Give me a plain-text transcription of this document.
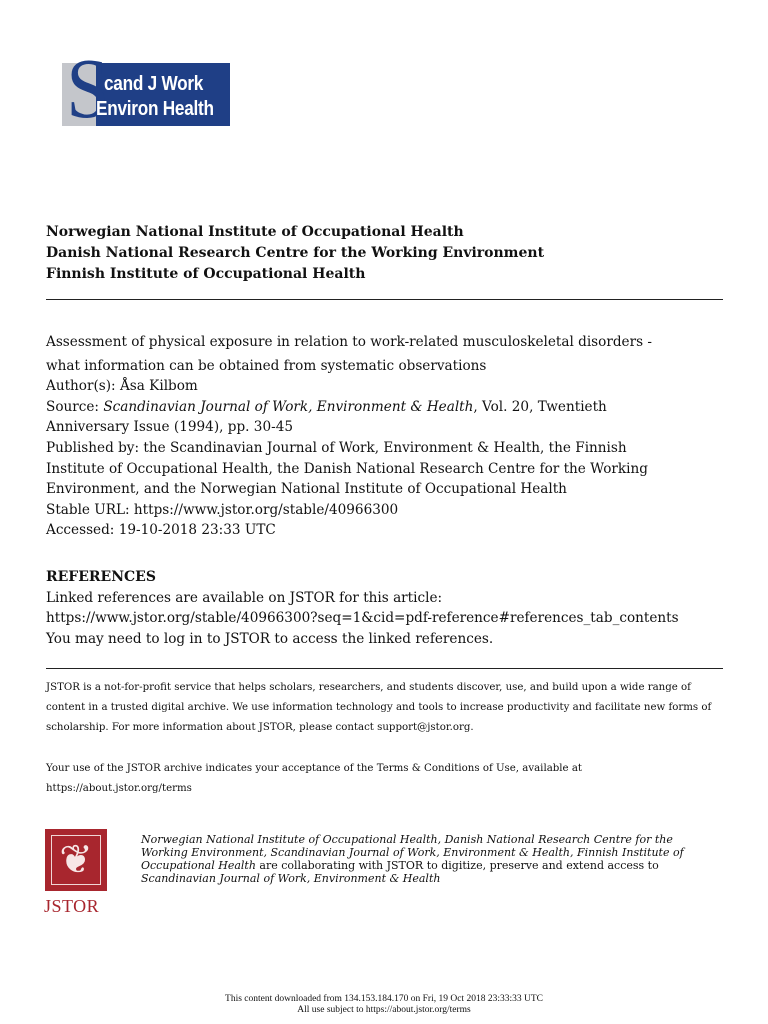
S
cand J Work
Environ Health
Norwegian National Institute of Occupational Health
Danish National Research Centre for the Working Environment
Finnish Institute of Occupational Health
Assessment of physical exposure in relation to work-related musculoskeletal disorders -
what information can be obtained from systematic observations
Author(s): Åsa Kilbom
Source: Scandinavian Journal of Work, Environment & Health, Vol. 20, Twentieth
Anniversary Issue (1994), pp. 30-45
Published by: the Scandinavian Journal of Work, Environment & Health, the Finnish
Institute of Occupational Health, the Danish National Research Centre for the Working
Environment, and the Norwegian National Institute of Occupational Health
Stable URL: https://www.jstor.org/stable/40966300
Accessed: 19-10-2018 23:33 UTC
REFERENCES
Linked references are available on JSTOR for this article:
https://www.jstor.org/stable/40966300?seq=1&cid=pdf-reference#references_tab_contents
You may need to log in to JSTOR to access the linked references.

JSTOR is a not-for-profit service that helps scholars, researchers, and students discover, use, and build upon a wide range of content in a trusted digital archive. We use information technology and tools to increase productivity and facilitate new forms of scholarship. For more information about JSTOR, please contact support@jstor.org.

Your use of the JSTOR archive indicates your acceptance of the Terms & Conditions of Use, available at https://about.jstor.org/terms

❦
JSTOR
Norwegian National Institute of Occupational Health, Danish National Research Centre for the Working Environment, Scandinavian Journal of Work, Environment & Health, Finnish Institute of Occupational Health are collaborating with JSTOR to digitize, preserve and extend access to Scandinavian Journal of Work, Environment & Health
This content downloaded from 134.153.184.170 on Fri, 19 Oct 2018 23:33:33 UTC
All use subject to https://about.jstor.org/terms
